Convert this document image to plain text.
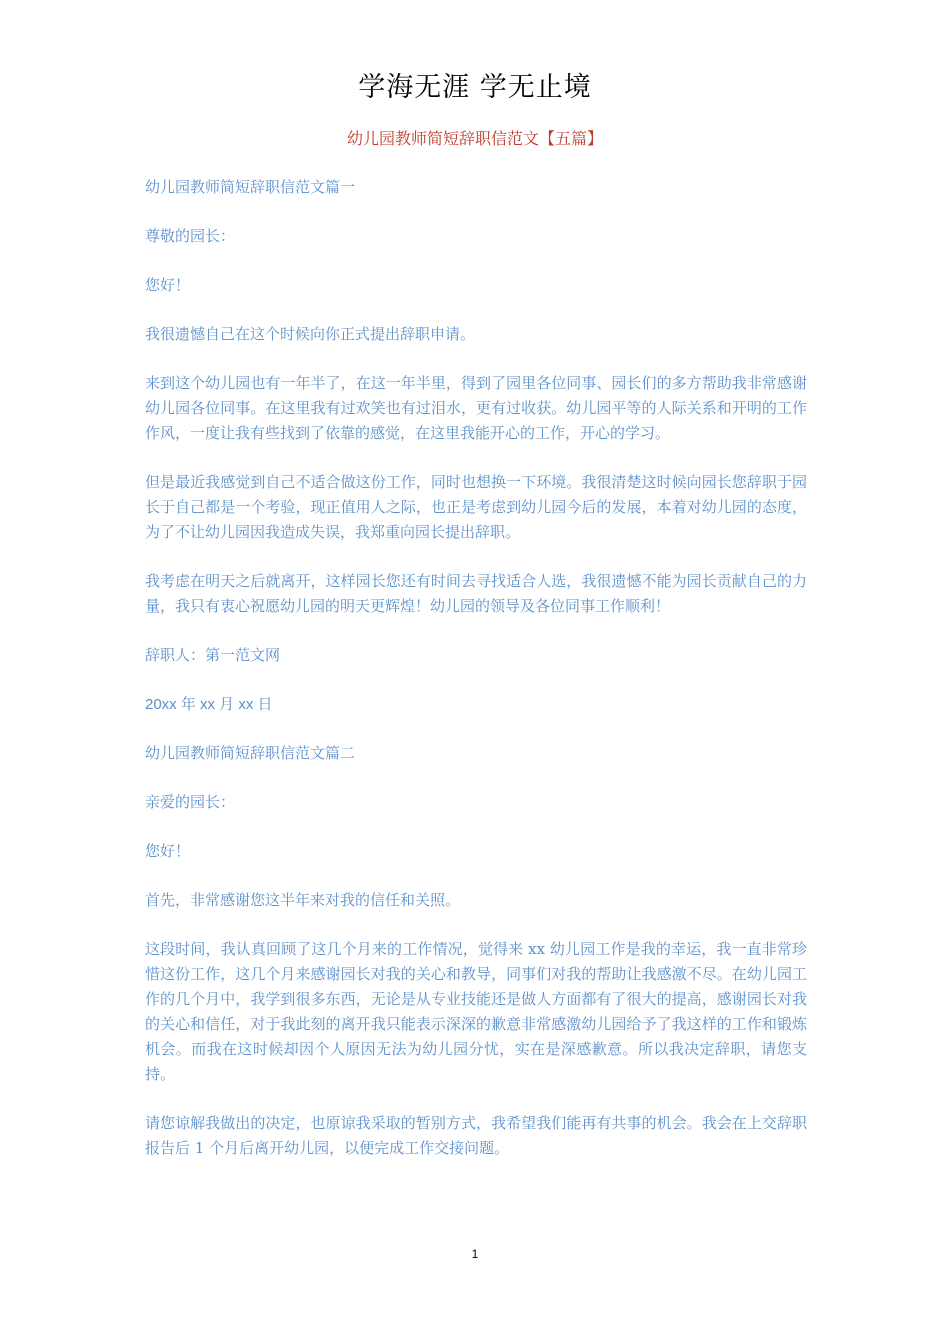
学海无涯 学无止境
幼儿园教师简短辞职信范文【五篇】

幼儿园教师简短辞职信范文篇一

尊敬的园长：

您好！

我很遗憾自己在这个时候向你正式提出辞职申请。

来到这个幼儿园也有一年半了，在这一年半里，得到了园里各位同事、园长们的多方帮助我非常感谢幼儿园各位同事。在这里我有过欢笑也有过泪水，更有过收获。幼儿园平等的人际关系和开明的工作作风，一度让我有些找到了依靠的感觉，在这里我能开心的工作，开心的学习。

但是最近我感觉到自己不适合做这份工作，同时也想换一下环境。我很清楚这时候向园长您辞职于园长于自己都是一个考验，现正值用人之际，也正是考虑到幼儿园今后的发展，本着对幼儿园的态度，为了不让幼儿园因我造成失误，我郑重向园长提出辞职。

我考虑在明天之后就离开，这样园长您还有时间去寻找适合人选，我很遗憾不能为园长贡献自己的力量，我只有衷心祝愿幼儿园的明天更辉煌！幼儿园的领导及各位同事工作顺利！

辞职人：第一范文网

20xx 年 xx 月 xx 日

幼儿园教师简短辞职信范文篇二

亲爱的园长：

您好！

首先，非常感谢您这半年来对我的信任和关照。

这段时间，我认真回顾了这几个月来的工作情况，觉得来 xx 幼儿园工作是我的幸运，我一直非常珍惜这份工作，这几个月来感谢园长对我的关心和教导，同事们对我的帮助让我感激不尽。在幼儿园工作的几个月中，我学到很多东西，无论是从专业技能还是做人方面都有了很大的提高，感谢园长对我的关心和信任，对于我此刻的离开我只能表示深深的歉意非常感激幼儿园给予了我这样的工作和锻炼机会。而我在这时候却因个人原因无法为幼儿园分忧，实在是深感歉意。所以我决定辞职，请您支持。

请您谅解我做出的决定，也原谅我采取的暂别方式，我希望我们能再有共事的机会。我会在上交辞职报告后 1 个月后离开幼儿园，以便完成工作交接问题。

1
